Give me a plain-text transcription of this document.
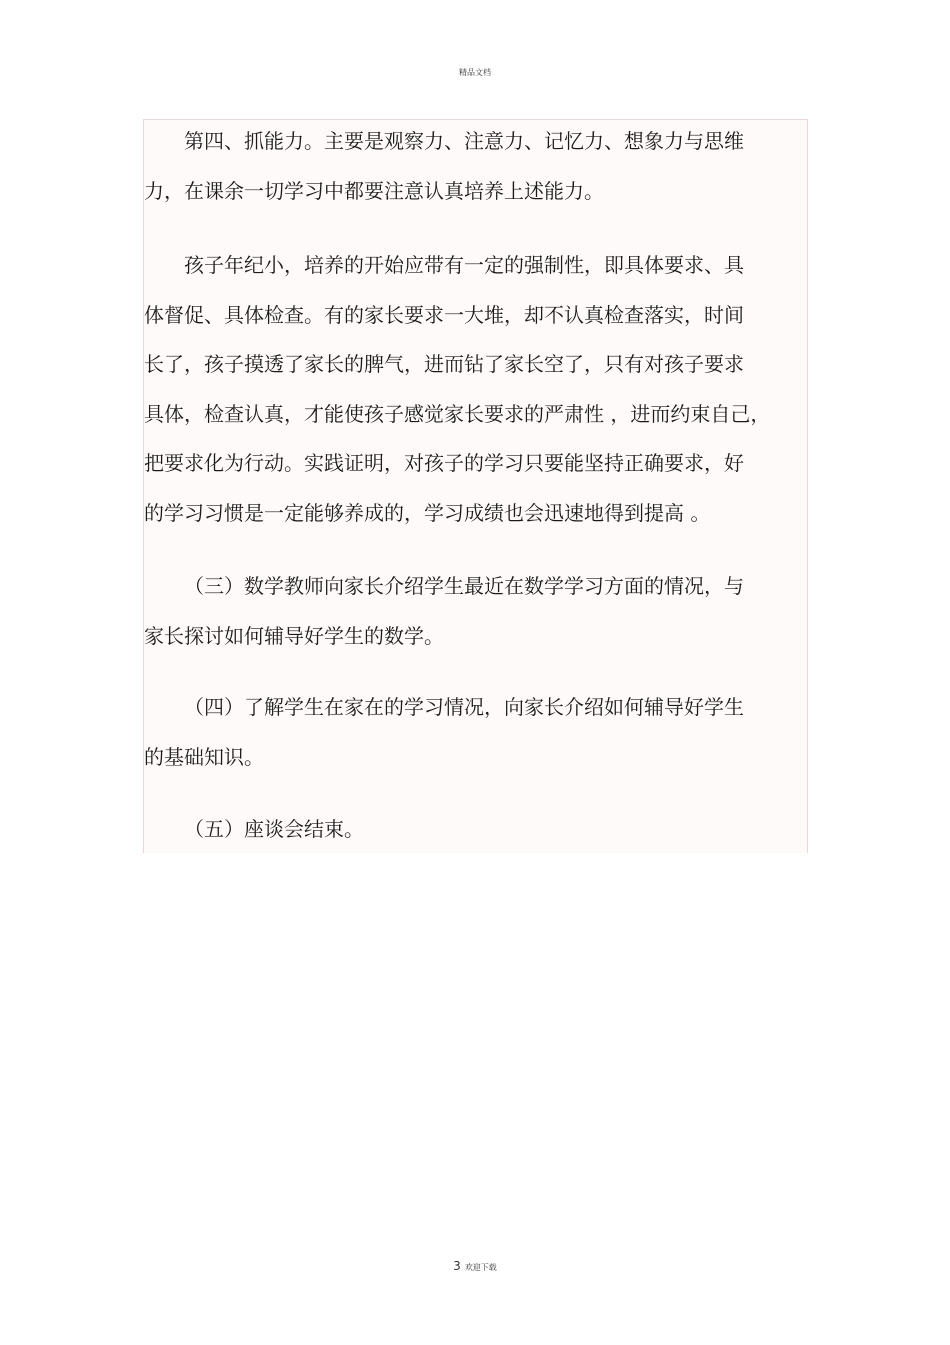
精品文档

第四、抓能力。主要是观察力、注意力、记忆力、想象力与思维
力，在课余一切学习中都要注意认真培养上述能力。

孩子年纪小，培养的开始应带有一定的强制性，即具体要求、具
体督促、具体检查。有的家长要求一大堆，却不认真检查落实，时间
长了，孩子摸透了家长的脾气，进而钻了家长空了，只有对孩子要求
具体，检查认真，才能使孩子感觉家长要求的严肃性 ，进而约束自己，
把要求化为行动。实践证明，对孩子的学习只要能坚持正确要求，好
的学习习惯是一定能够养成的，学习成绩也会迅速地得到提高 。

（三）数学教师向家长介绍学生最近在数学学习方面的情况，与
家长探讨如何辅导好学生的数学。

（四）了解学生在家在的学习情况，向家长介绍如何辅导好学生
的基础知识。

（五）座谈会结束。

3 欢迎下载
